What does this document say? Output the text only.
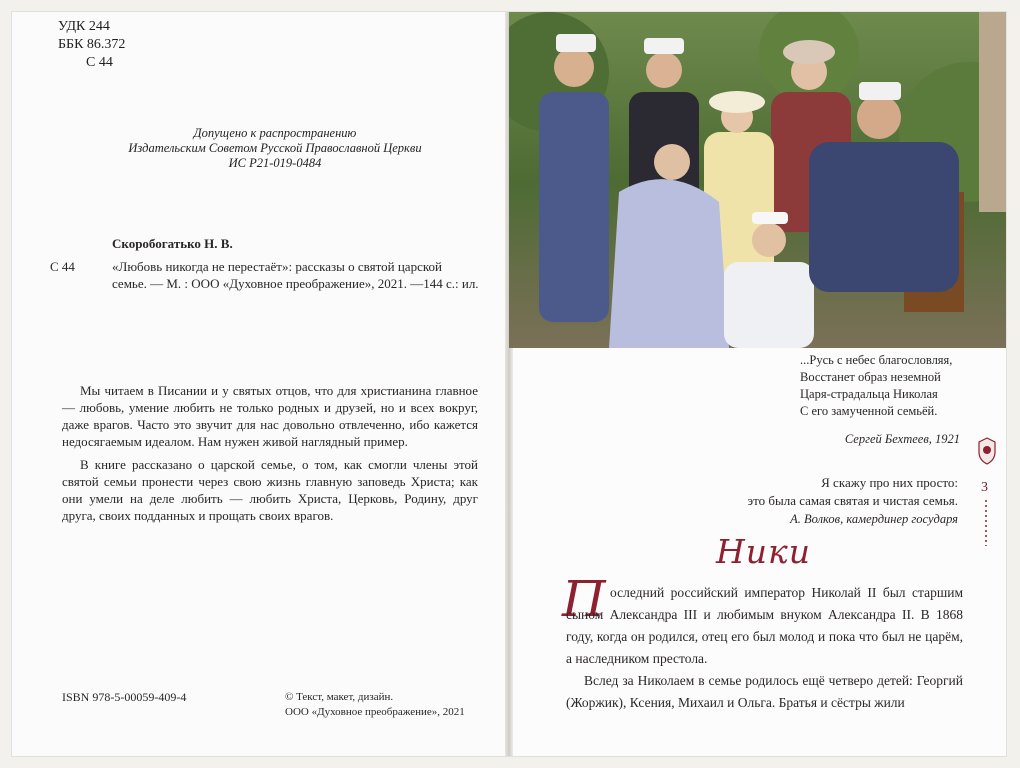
УДК 244
ББК 86.372
С 44
Допущено к распространению
Издательским Советом Русской Православной Церкви
ИС Р21-019-0484
Скоробогатько Н. В.
С 44	«Любовь никогда не перестаёт»: рассказы о святой царской семье. — М. : ООО «Духовное преображение», 2021. —144 с.: ил.

Мы читаем в Писании и у святых отцов, что для христианина главное — любовь, умение любить не только родных и друзей, но и всех вокруг, даже врагов. Часто это звучит для нас довольно отвлеченно, ибо кажется недосягаемым идеалом. Нам нужен живой наглядный пример.

В книге рассказано о царской семье, о том, как смогли члены этой святой семьи пронести через свою жизнь главную заповедь Христа; как они умели на деле любить — любить Христа, Церковь, Родину, друг друга, своих подданных и прощать своих врагов.

ISBN 978-5-00059-409-4	© Текст, макет, дизайн.
ООО «Духовное преображение», 2021
3
...Русь с небес благословляя,
Восстанет образ неземной
Царя-страдальца Николая
С его замученной семьёй.
Сергей Бехтеев, 1921
Я скажу про них просто:
это была самая святая и чистая семья.
А. Волков, камердинер государя
Ники
П оследний российский император Николай II был старшим сыном Александра III и любимым внуком Александра II. В 1868 году, когда он родился, отец его был молод и пока что был не царём, а наследником престола.

Вслед за Николаем в семье родилось ещё четверо детей: Георгий (Жоржик), Ксения, Михаил и Ольга. Братья и сёстры жили
